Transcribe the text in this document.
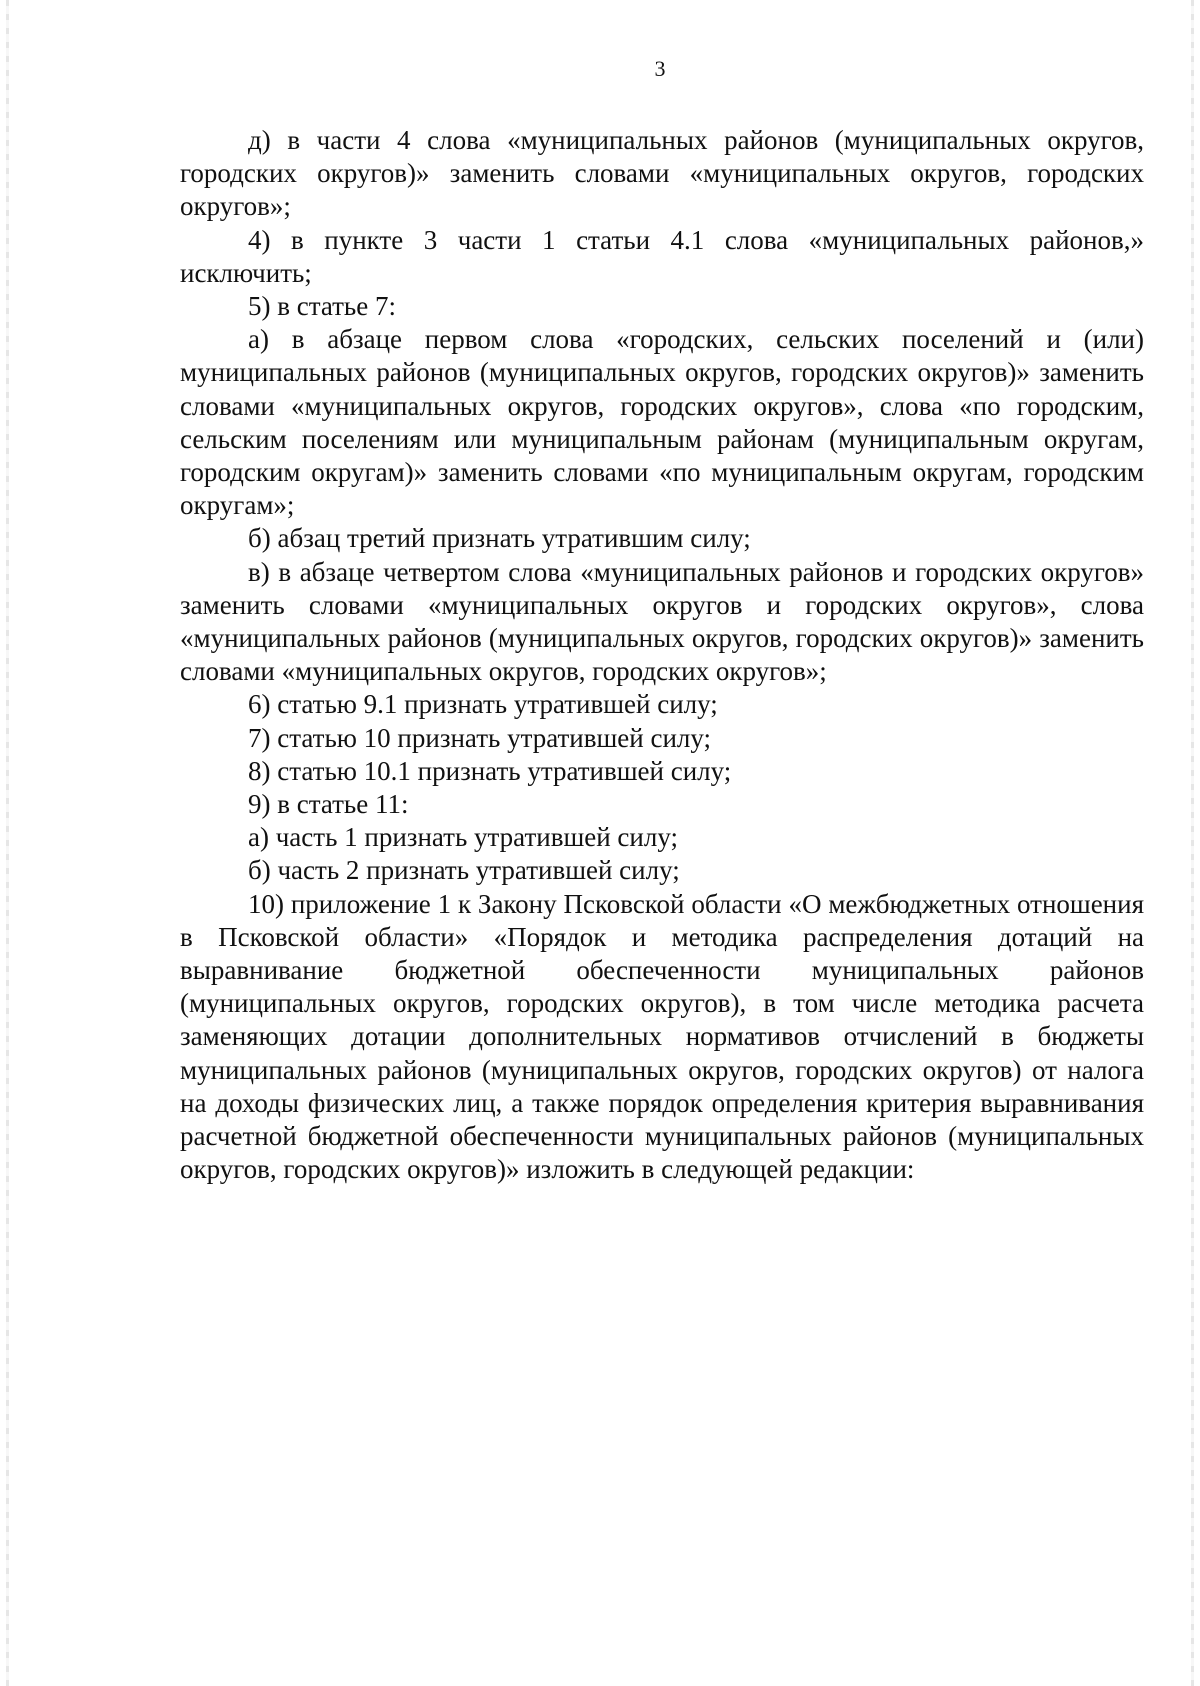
3

д) в части 4 слова «муниципальных районов (муниципальных округов, городских округов)» заменить словами «муниципальных округов, городских округов»;

4) в пункте 3 части 1 статьи 4.1 слова «муниципальных районов,» исключить;

5) в статье 7:

а) в абзаце первом слова «городских, сельских поселений и (или) муниципальных районов (муниципальных округов, городских округов)» заменить словами «муниципальных округов, городских округов», слова «по городским, сельским поселениям или муниципальным районам (муниципальным округам, городским округам)» заменить словами «по муниципальным округам, городским округам»;

б) абзац третий признать утратившим силу;

в) в абзаце четвертом слова «муниципальных районов и городских округов» заменить словами «муниципальных округов и городских округов», слова «муниципальных районов (муниципальных округов, городских округов)» заменить словами «муниципальных округов, городских округов»;

6) статью 9.1 признать утратившей силу;

7) статью 10 признать утратившей силу;

8) статью 10.1 признать утратившей силу;

9) в статье 11:

а) часть 1 признать утратившей силу;

б) часть 2 признать утратившей силу;

10) приложение 1 к Закону Псковской области «О межбюджетных отношения в Псковской области» «Порядок и методика распределения дотаций на выравнивание бюджетной обеспеченности муниципальных районов (муниципальных округов, городских округов), в том числе методика расчета заменяющих дотации дополнительных нормативов отчислений в бюджеты муниципальных районов (муниципальных округов, городских округов) от налога на доходы физических лиц, а также порядок определения критерия выравнивания расчетной бюджетной обеспеченности муниципальных районов (муниципальных округов, городских округов)» изложить в следующей редакции:
